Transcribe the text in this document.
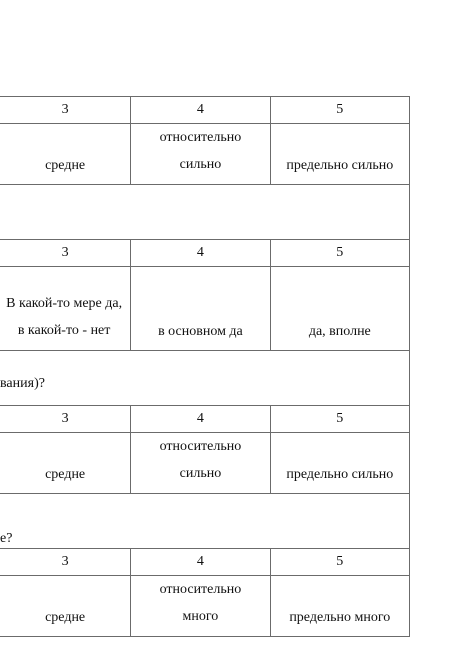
3	4	5

средне	относительно сильно	предельно сильно

3	4	5

В какой-то мере да, в какой-то - нет	в основном да	да, вполне

вания)?		
3	4	5

средне	относительно сильно	предельно сильно

е?		
3	4	5

средне	относительно много	предельно много
